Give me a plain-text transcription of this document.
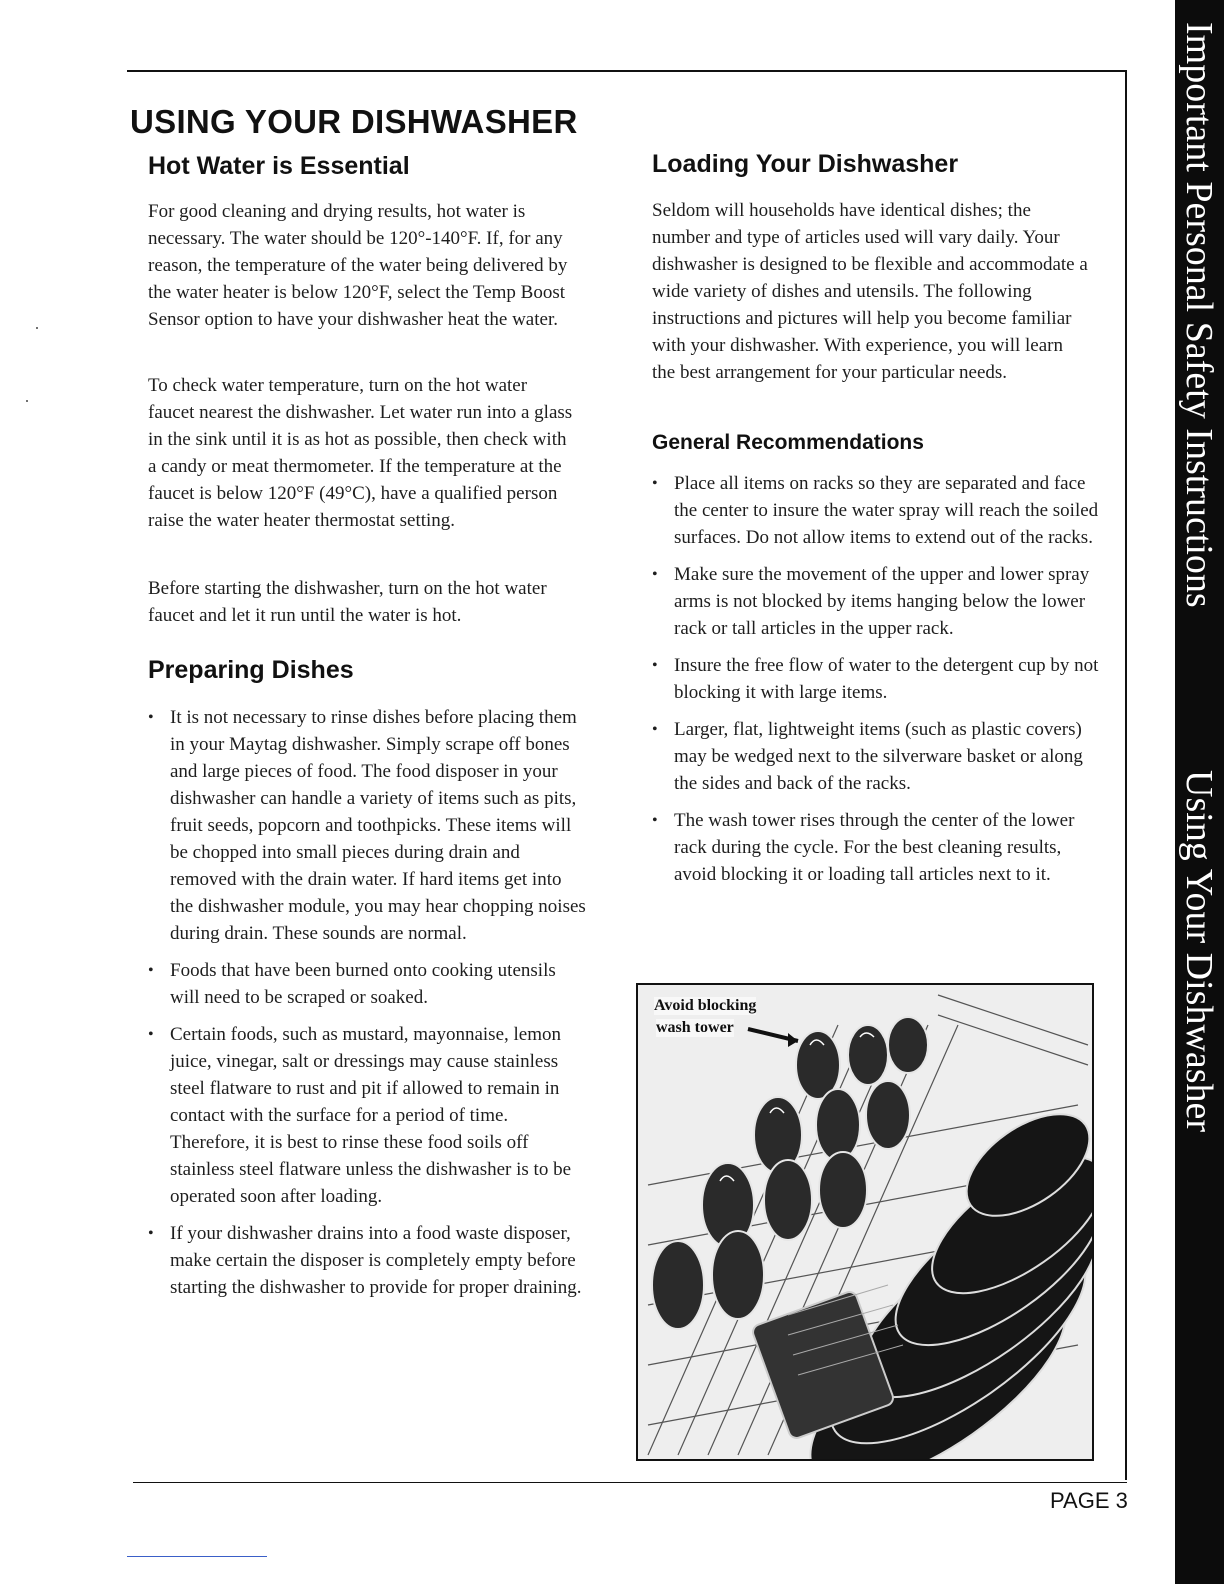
Important Personal Safety Instructions
Using Your Dishwasher
USING YOUR DISHWASHER
Hot Water is Essential

For good cleaning and drying results, hot water is necessary. The water should be 120°-140°F. If, for any reason, the temperature of the water being delivered by the water heater is below 120°F, select the Temp Boost Sensor option to have your dishwasher heat the water.

To check water temperature, turn on the hot water faucet nearest the dishwasher. Let water run into a glass in the sink until it is as hot as possible, then check with a candy or meat thermometer. If the temperature at the faucet is below 120°F (49°C), have a qualified person raise the water heater thermostat setting.

Before starting the dishwasher, turn on the hot water faucet and let it run until the water is hot.

Preparing Dishes
• It is not necessary to rinse dishes before placing them in your Maytag dishwasher. Simply scrape off bones and large pieces of food. The food disposer in your dishwasher can handle a variety of items such as pits, fruit seeds, popcorn and toothpicks. These items will be chopped into small pieces during drain and removed with the drain water. If hard items get into the dishwasher module, you may hear chopping noises during drain. These sounds are normal.
• Foods that have been burned onto cooking utensils will need to be scraped or soaked.
• Certain foods, such as mustard, mayonnaise, lemon juice, vinegar, salt or dressings may cause stainless steel flatware to rust and pit if allowed to remain in contact with the surface for a period of time. Therefore, it is best to rinse these food soils off stainless steel flatware unless the dishwasher is to be operated soon after loading.
• If your dishwasher drains into a food waste disposer, make certain the disposer is completely empty before starting the dishwasher to provide for proper draining.
Loading Your Dishwasher

Seldom will households have identical dishes; the number and type of articles used will vary daily. Your dishwasher is designed to be flexible and accommodate a wide variety of dishes and utensils. The following instructions and pictures will help you become familiar with your dishwasher. With experience, you will learn the best arrangement for your particular needs.

General Recommendations
• Place all items on racks so they are separated and face the center to insure the water spray will reach the soiled surfaces. Do not allow items to extend out of the racks.
• Make sure the movement of the upper and lower spray arms is not blocked by items hanging below the lower rack or tall articles in the upper rack.
• Insure the free flow of water to the detergent cup by not blocking it with large items.
• Larger, flat, lightweight items (such as plastic covers) may be wedged next to the silverware basket or along the sides and back of the racks.
• The wash tower rises through the center of the lower rack during the cycle. For the best cleaning results, avoid blocking it or loading tall articles next to it.
Avoid blocking
wash tower
PAGE 3
